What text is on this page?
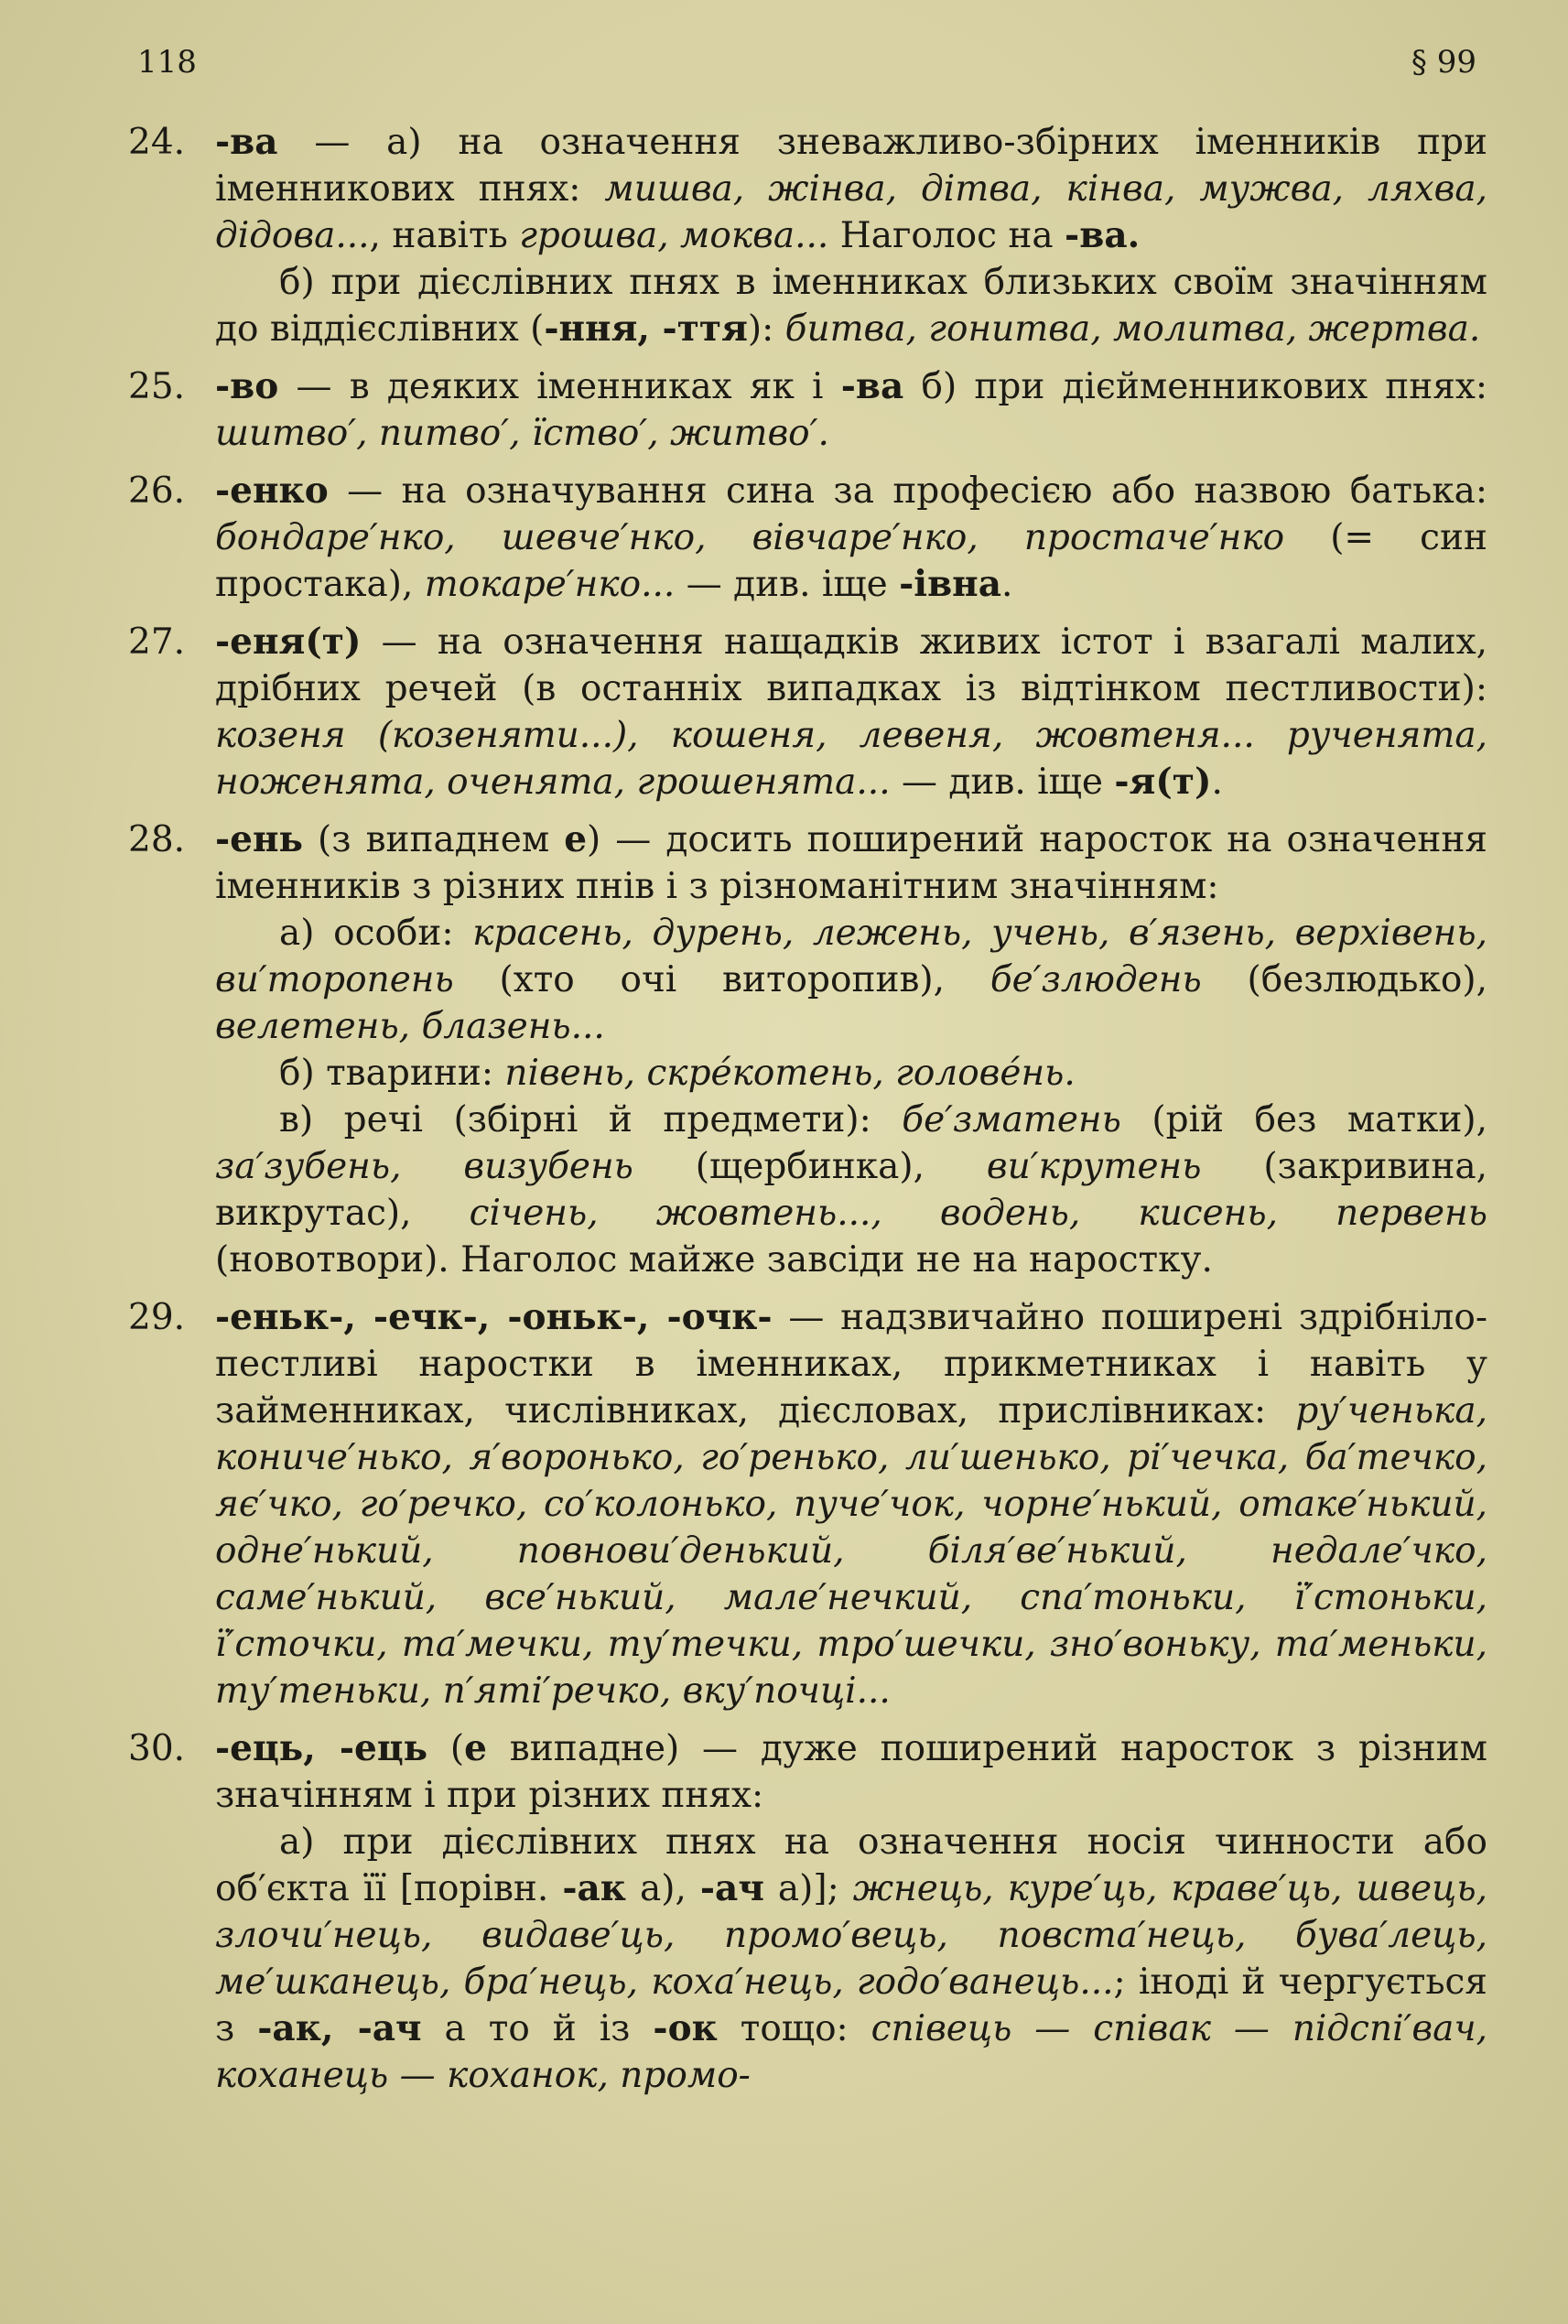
118	§ 99
24. -ва — а) на означення зневажливо-збірних іменників при іменникових пнях: мишва, жінва, дітва, кінва, мужва, ляхва, дідова..., навіть грошва, мoква... Наголос на -ва.

б) при дієслівних пнях в іменниках близьких своїм значінням до віддієслівних (-ння, -ття): битва, гонитва, молитва, жертва.

25. -во — в деяких іменниках як і -ва б) при дієйменникових пнях: шитво′, питво′, їство′, житво′.

26. -енко — на означування сина за професією або назвою батька: бондаре′нко, шевче′нко, вівчаре′нко, простаче′нко (= син простака), токаре′нко... — див. іще -івна.

27. -еня(т) — на означення нащадків живих істот і взагалі малих, дрібних речей (в останніх випадках із відтінком пестливости): козеня (козеняти...), кошеня, левеня, жовтеня... рученята, ноженята, оченята, грошенята... — див. іще -я(т).

28. -ень (з випаднем е) — досить поширений наросток на означення іменників з різних пнів і з різноманітним значінням:

а) особи: красень, дурень, лежень, учень, в′язень, верхівень, ви′торопень (хто очі виторопив), бе′злюдень (безлюдько), велетень, блазень...

б) тварини: півень, скрéкотень, головéнь.

в) речі (збірні й предмети): бе′зматень (рій без матки), за′зубень, визубень (щербинка), ви′крутень (закривина, викрутас), січень, жовтень..., водень, кисень, первень (новотвори). Наголос майже завсіди не на наростку.

29. -еньк-, -ечк-, -оньк-, -очк- — надзвичайно поширені здрібніло-пестливі наростки в іменниках, прикметниках і навіть у займенниках, числівниках, дієсловах, прислівниках: ру′ченька, кониче′нько, я′воронько, го′ренько, ли′шенько, рі′чечка, ба′течко, яє′чко, го′речко, со′колонько, пуче′чок, чорне′нький, отаке′нький, одне′нький, повнови′денький, біля′ве′нький, недале′чко, саме′нький, все′нький, мале′нечкий, спа′тоньки, ї′стоньки, ї′сточки, та′мечки, ту′течки, тро′шечки, зно′воньку, та′меньки, ту′теньки, п′яті′речко, вку′почці...

30. -ець, -ець (е випадне) — дуже поширений наросток з різним значінням і при різних пнях:

а) при дієслівних пнях на означення носія чинности або об′єкта її [порівн. -ак а), -ач а)]; жнець, куре′ць, краве′ць, швець, злочи′нець, видаве′ць, промо′вець, повста′нець, бува′лець, ме′шканець, бра′нець, коха′нець, годо′ванець...; іноді й чергується з -ак, -ач а то й із -ок тощо: співець — співак — підспі′вач, коханець — коханок, промо-
